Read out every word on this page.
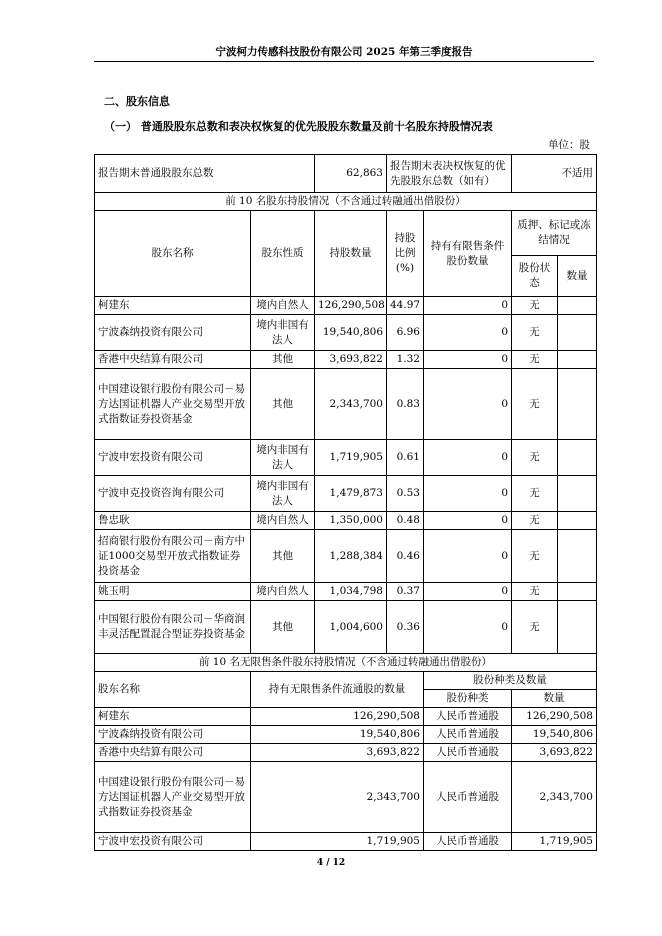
宁波柯力传感科技股份有限公司 2025 年第三季度报告
二、股东信息
（一） 普通股股东总数和表决权恢复的优先股股东数量及前十名股东持股情况表
单位：股
报告期末普通股股东总数		62,863	报告期末表决权恢复的优先股股东总数（如有）		不适用	
前 10 名股东持股情况（不含通过转融通出借股份）						
股东名称	股东性质	持股数量	持股比例(%)	持有有限售条件股份数量	质押、标记或冻结情况	
					股份状态	数量
柯建东	境内自然人	126,290,508	44.97	0	无	
宁波森纳投资有限公司	境内非国有法人	19,540,806	6.96	0	无	
香港中央结算有限公司	其他	3,693,822	1.32	0	无	
中国建设银行股份有限公司－易方达国证机器人产业交易型开放式指数证券投资基金	其他	2,343,700	0.83	0	无	
宁波申宏投资有限公司	境内非国有法人	1,719,905	0.61	0	无	
宁波申克投资咨询有限公司	境内非国有法人	1,479,873	0.53	0	无	
鲁忠耿	境内自然人	1,350,000	0.48	0	无	
招商银行股份有限公司－南方中证1000交易型开放式指数证券投资基金	其他	1,288,384	0.46	0	无	
姚玉明	境内自然人	1,034,798	0.37	0	无	
中国银行股份有限公司－华商润丰灵活配置混合型证券投资基金	其他	1,004,600	0.36	0	无	
前 10 名无限售条件股东持股情况（不含通过转融通出借股份）						
股东名称	持有无限售条件流通股的数量			股份种类及数量		
				股份种类	数量	
柯建东	126,290,508			人民币普通股	126,290,508	
宁波森纳投资有限公司	19,540,806			人民币普通股	19,540,806	
香港中央结算有限公司	3,693,822			人民币普通股	3,693,822	
中国建设银行股份有限公司－易方达国证机器人产业交易型开放式指数证券投资基金	2,343,700			人民币普通股	2,343,700	
宁波申宏投资有限公司	1,719,905			人民币普通股	1,719,905	
4 / 12
